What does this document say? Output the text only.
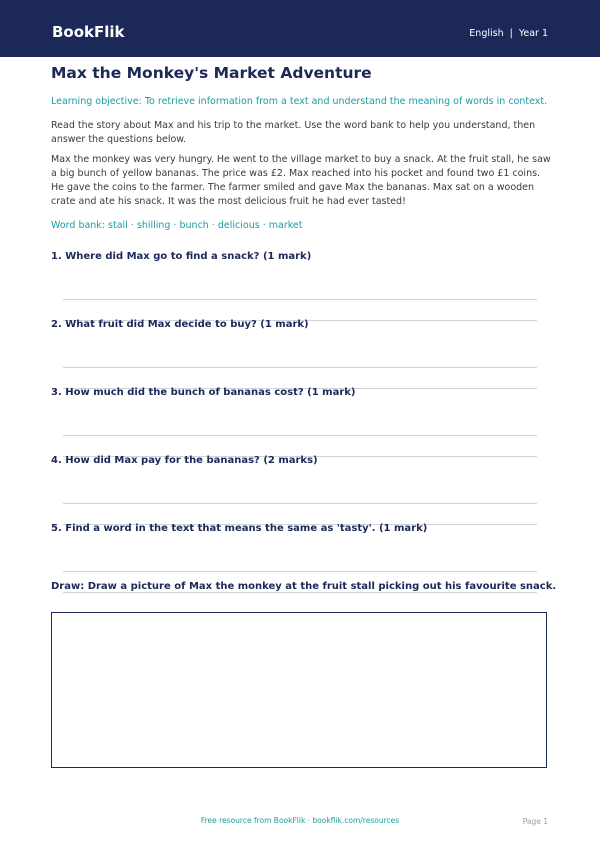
BookFlik	English | Year 1
Max the Monkey's Market Adventure
Learning objective: To retrieve information from a text and understand the meaning of words in context.

Read the story about Max and his trip to the market. Use the word bank to help you understand, then answer the questions below.

Max the monkey was very hungry. He went to the village market to buy a snack. At the fruit stall, he saw a big bunch of yellow bananas. The price was £2. Max reached into his pocket and found two £1 coins. He gave the coins to the farmer. The farmer smiled and gave Max the bananas. Max sat on a wooden crate and ate his snack. It was the most delicious fruit he had ever tasted!

Word bank: stall · shilling · bunch · delicious · market
1. Where did Max go to find a snack? (1 mark)
2. What fruit did Max decide to buy? (1 mark)
3. How much did the bunch of bananas cost? (1 mark)
4. How did Max pay for the bananas? (2 marks)
5. Find a word in the text that means the same as 'tasty'. (1 mark)
Draw: Draw a picture of Max the monkey at the fruit stall picking out his favourite snack.
Free resource from BookFlik · bookflik.com/resources	Page 1
